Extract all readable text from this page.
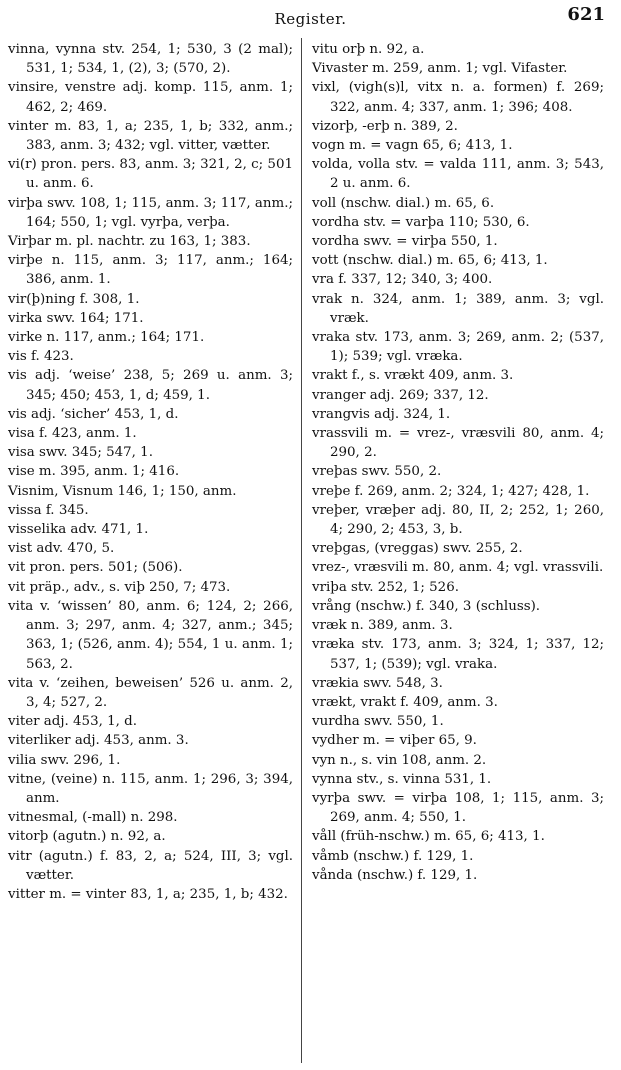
Register.	621

vinna, vynna stv. 254, 1; 530, 3 (2 mal); 531, 1; 534, 1, (2), 3; (570, 2).

vinsire, venstre adj. komp. 115, anm. 1; 462, 2; 469.

vinter m. 83, 1, a; 235, 1, b; 332, anm.; 383, anm. 3; 432; vgl. vitter, vætter.

vi(r) pron. pers. 83, anm. 3; 321, 2, c; 501 u. anm. 6.

virþa swv. 108, 1; 115, anm. 3; 117, anm.; 164; 550, 1; vgl. vyrþa, verþa.

Virþar m. pl. nachtr. zu 163, 1; 383.

virþe n. 115, anm. 3; 117, anm.; 164; 386, anm. 1.

vir(þ)ning f. 308, 1.

virka swv. 164; 171.

virke n. 117, anm.; 164; 171.

vis f. 423.

vis adj. ‘weise’ 238, 5; 269 u. anm. 3; 345; 450; 453, 1, d; 459, 1.

vis adj. ‘sicher’ 453, 1, d.

visa f. 423, anm. 1.

visa swv. 345; 547, 1.

vise m. 395, anm. 1; 416.

Visnim, Visnum 146, 1; 150, anm.

vissa f. 345.

visselika adv. 471, 1.

vist adv. 470, 5.

vit pron. pers. 501; (506).

vit präp., adv., s. viþ 250, 7; 473.

vita v. ‘wissen’ 80, anm. 6; 124, 2; 266, anm. 3; 297, anm. 4; 327, anm.; 345; 363, 1; (526, anm. 4); 554, 1 u. anm. 1; 563, 2.

vita v. ‘zeihen, beweisen’ 526 u. anm. 2, 3, 4; 527, 2.

viter adj. 453, 1, d.

viterliker adj. 453, anm. 3.

vilia swv. 296, 1.

vitne, (veine) n. 115, anm. 1; 296, 3; 394, anm.

vitnesmal, (-mall) n. 298.

vitorþ (agutn.) n. 92, a.

vitr (agutn.) f. 83, 2, a; 524, III, 3; vgl. vætter.

vitter m. = vinter 83, 1, a; 235, 1, b; 432.

vitu orþ n. 92, a.

Vivaster m. 259, anm. 1; vgl. Vifaster.

vixl, (vigh(s)l, vitx n. a. formen) f. 269; 322, anm. 4; 337, anm. 1; 396; 408.

vizorþ, -erþ n. 389, 2.

vogn m. = vagn 65, 6; 413, 1.

volda, volla stv. = valda 111, anm. 3; 543, 2 u. anm. 6.

voll (nschw. dial.) m. 65, 6.

vordha stv. = varþa 110; 530, 6.

vordha swv. = virþa 550, 1.

vott (nschw. dial.) m. 65, 6; 413, 1.

vra f. 337, 12; 340, 3; 400.

vrak n. 324, anm. 1; 389, anm. 3; vgl. vræk.

vraka stv. 173, anm. 3; 269, anm. 2; (537, 1); 539; vgl. vræka.

vrakt f., s. vrækt 409, anm. 3.

vranger adj. 269; 337, 12.

vrangvis adj. 324, 1.

vrassvili m. = vrez-, vræsvili 80, anm. 4; 290, 2.

vreþas swv. 550, 2.

vreþe f. 269, anm. 2; 324, 1; 427; 428, 1.

vreþer, vræþer adj. 80, II, 2; 252, 1; 260, 4; 290, 2; 453, 3, b.

vreþgas, (vreggas) swv. 255, 2.

vrez-, vræsvili m. 80, anm. 4; vgl. vrassvili.

vriþa stv. 252, 1; 526.

vrång (nschw.) f. 340, 3 (schluss).

vræk n. 389, anm. 3.

vræka stv. 173, anm. 3; 324, 1; 337, 12; 537, 1; (539); vgl. vraka.

vrækia swv. 548, 3.

vrækt, vrakt f. 409, anm. 3.

vurdha swv. 550, 1.

vydher m. = viþer 65, 9.

vyn n., s. vin 108, anm. 2.

vynna stv., s. vinna 531, 1.

vyrþa swv. = virþa 108, 1; 115, anm. 3; 269, anm. 4; 550, 1.

våll (früh-nschw.) m. 65, 6; 413, 1.

våmb (nschw.) f. 129, 1.

vånda (nschw.) f. 129, 1.
